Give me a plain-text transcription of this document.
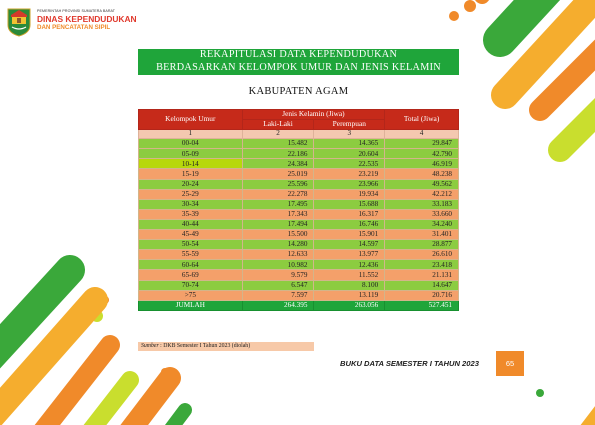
PEMERINTAH PROVINSI SUMATERA BARAT
DINAS KEPENDUDUKAN
DAN PENCATATAN SIPIL
REKAPITULASI DATA KEPENDUDUKAN
BERDASARKAN KELOMPOK UMUR DAN JENIS KELAMIN
KABUPATEN AGAM
Kelompok Umur	Jenis Kelamin (Jiwa)		Total (Jiwa)
	Laki-Laki	Perempuan	
1	2	3	4
00-04	15.482	14.365	29.847
05-09	22.186	20.604	42.790
10-14	24.384	22.535	46.919
15-19	25.019	23.219	48.238
20-24	25.596	23.966	49.562
25-29	22.278	19.934	42.212
30-34	17.495	15.688	33.183
35-39	17.343	16.317	33.660
40-44	17.494	16.746	34.240
45-49	15.500	15.901	31.401
50-54	14.280	14.597	28.877
55-59	12.633	13.977	26.610
60-64	10.982	12.436	23.418
65-69	9.579	11.552	21.131
70-74	6.547	8.100	14.647
>75	7.597	13.119	20.716
JUMLAH	264.395	263.056	527.451
Sumber : DKB Semester I Tahun 2023 (diolah)
BUKU DATA SEMESTER I TAHUN 2023	65
